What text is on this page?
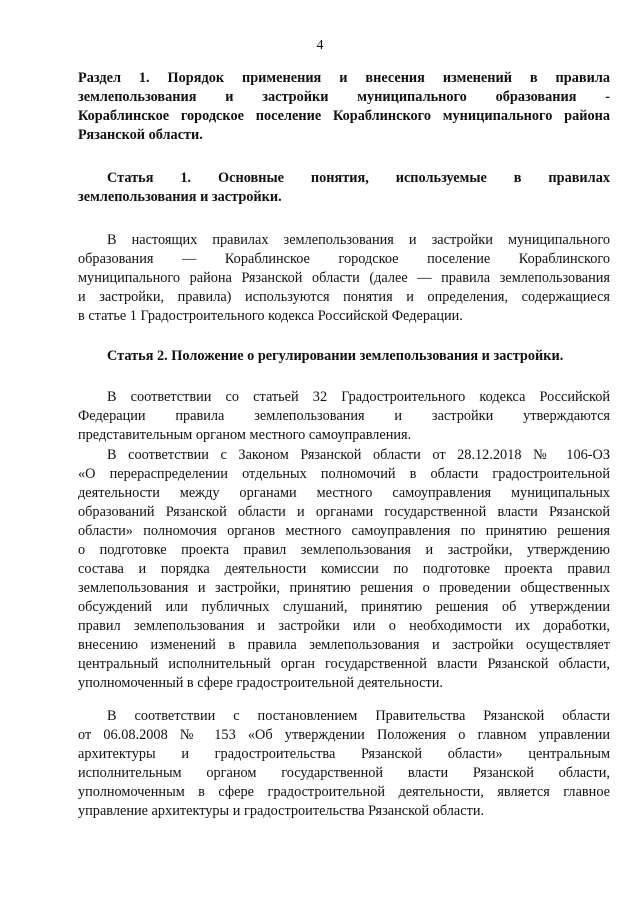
4
Раздел 1. Порядок применения и внесения изменений в правила
землепользования и застройки муниципального образования -
Кораблинское городское поселение Кораблинского муниципального района
Рязанской области.
Статья 1. Основные понятия, используемые в правилах
землепользования и застройки.
В настоящих правилах землепользования и застройки муниципального
образования — Кораблинское городское поселение Кораблинского
муниципального района Рязанской области (далее — правила землепользования
и застройки, правила) используются понятия и определения, содержащиеся
в статье 1 Градостроительного кодекса Российской Федерации.
Статья 2. Положение о регулировании землепользования и застройки.
В соответствии со статьей 32 Градостроительного кодекса Российской
Федерации правила землепользования и застройки утверждаются
представительным органом местного самоуправления.
В соответствии с Законом Рязанской области от 28.12.2018 № 106-ОЗ
«О перераспределении отдельных полномочий в области градостроительной
деятельности между органами местного самоуправления муниципальных
образований Рязанской области и органами государственной власти Рязанской
области» полномочия органов местного самоуправления по принятию решения
о подготовке проекта правил землепользования и застройки, утверждению
состава и порядка деятельности комиссии по подготовке проекта правил
землепользования и застройки, принятию решения о проведении общественных
обсуждений или публичных слушаний, принятию решения об утверждении
правил землепользования и застройки или о необходимости их доработки,
внесению изменений в правила землепользования и застройки осуществляет
центральный исполнительный орган государственной власти Рязанской области,
уполномоченный в сфере градостроительной деятельности.
В соответствии с постановлением Правительства Рязанской области
от 06.08.2008 № 153 «Об утверждении Положения о главном управлении
архитектуры и градостроительства Рязанской области» центральным
исполнительным органом государственной власти Рязанской области,
уполномоченным в сфере градостроительной деятельности, является главное
управление архитектуры и градостроительства Рязанской области.
